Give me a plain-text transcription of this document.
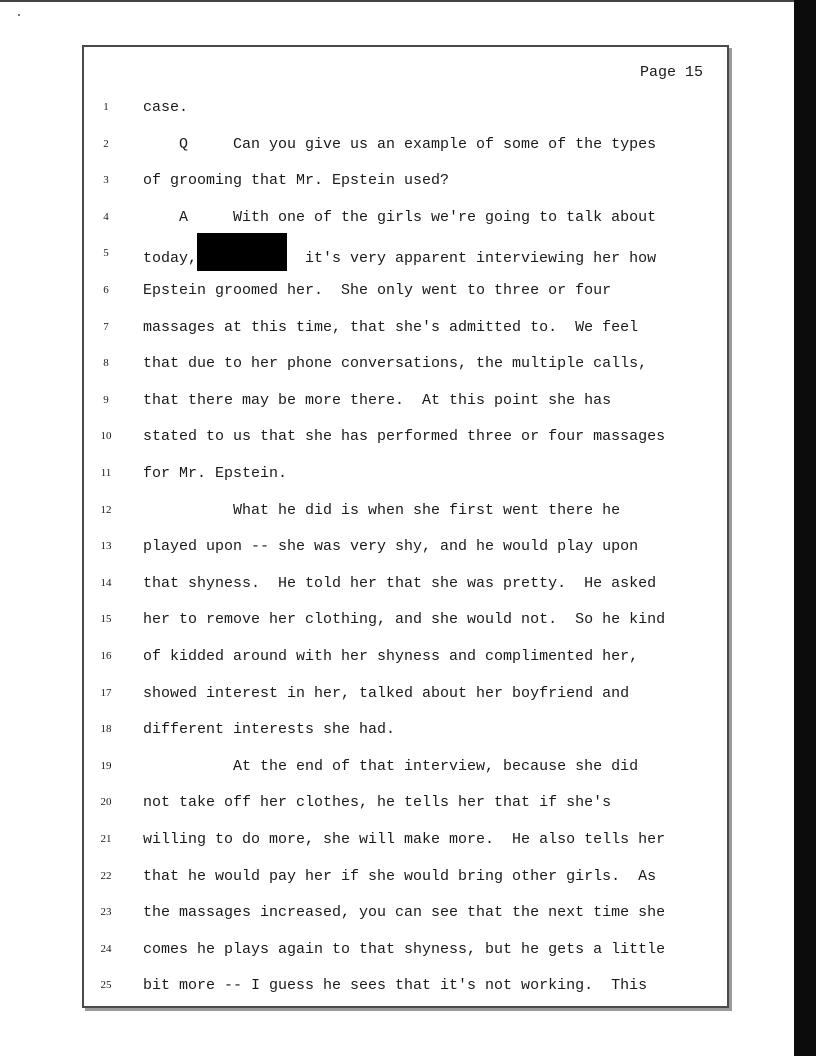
Page 15
1	case.
2	Q     Can you give us an example of some of the types
3	of grooming that Mr. Epstein used?
4	A     With one of the girls we're going to talk about
5	today,	it's very apparent interviewing her how
6	Epstein groomed her.  She only went to three or four
7	massages at this time, that she's admitted to.  We feel
8	that due to her phone conversations, the multiple calls,
9	that there may be more there.  At this point she has
10	stated to us that she has performed three or four massages
11	for Mr. Epstein.
12	What he did is when she first went there he
13	played upon -- she was very shy, and he would play upon
14	that shyness.  He told her that she was pretty.  He asked
15	her to remove her clothing, and she would not.  So he kind
16	of kidded around with her shyness and complimented her,
17	showed interest in her, talked about her boyfriend and
18	different interests she had.
19	At the end of that interview, because she did
20	not take off her clothes, he tells her that if she's
21	willing to do more, she will make more.  He also tells her
22	that he would pay her if she would bring other girls.  As
23	the massages increased, you can see that the next time she
24	comes he plays again to that shyness, but he gets a little
25	bit more -- I guess he sees that it's not working.  This
